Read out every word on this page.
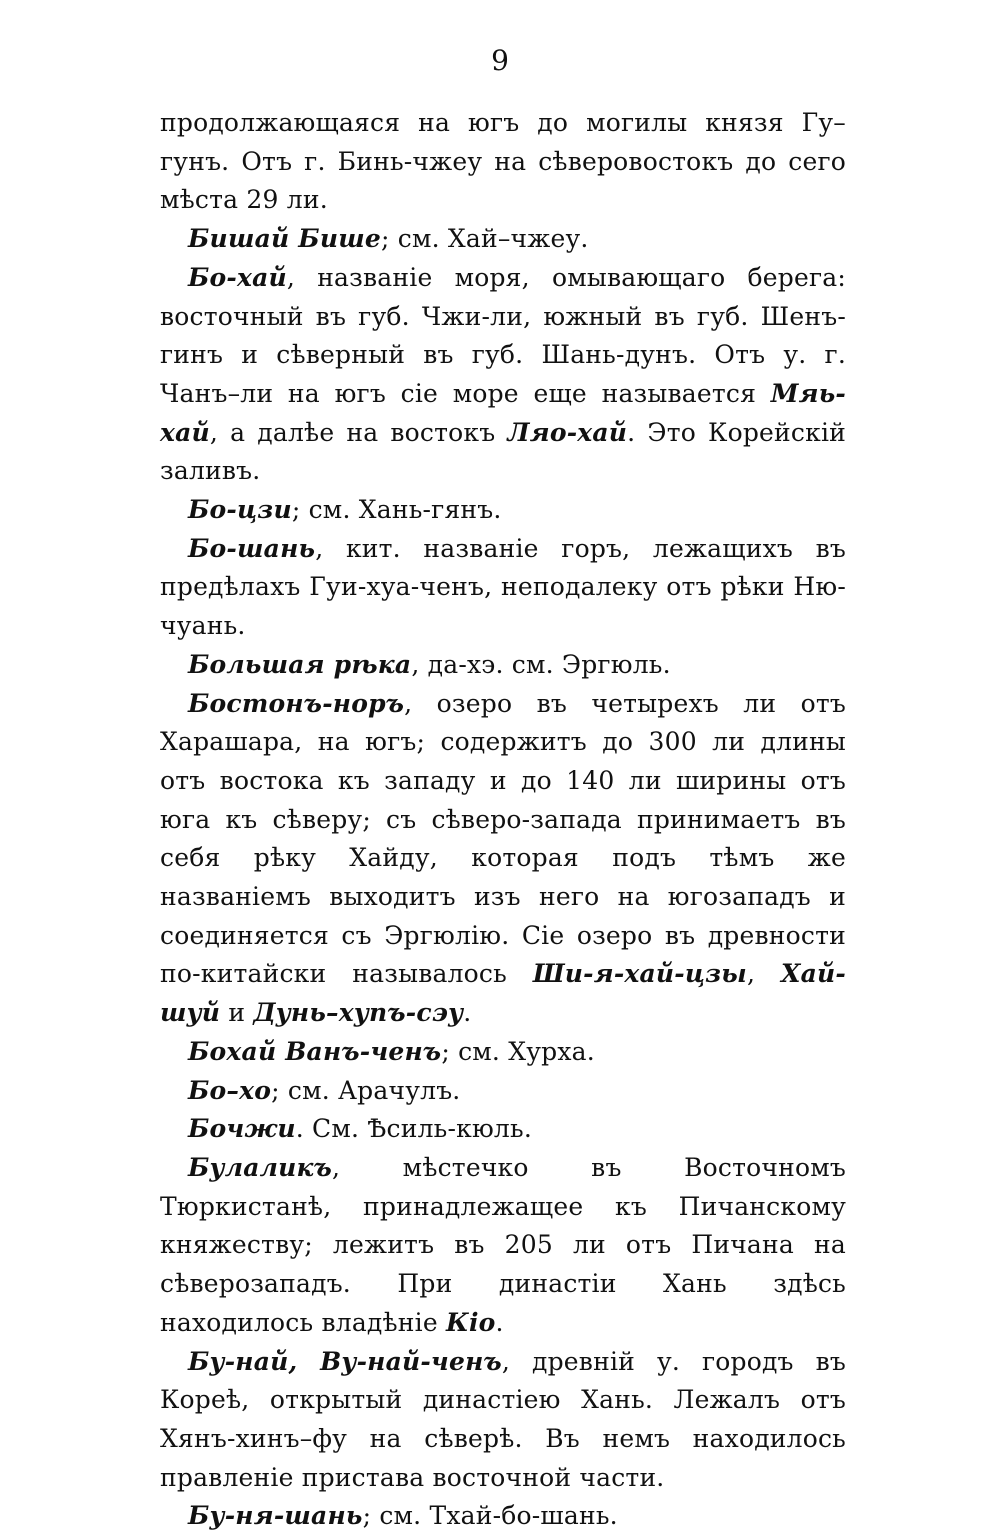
9

продолжающаяся на югъ до могилы князя Гу–гунъ. Отъ г. Бинь-чжеу на сѣверовостокъ до сего мѣста 29 ли.

Бишай Бише; см. Хай–чжеу.

Бо-хай, названіе моря, омывающаго берега: восточный въ губ. Чжи-ли, южный въ губ. Шенъ-гинъ и сѣверный въ губ. Шань-дунъ. Отъ у. г. Чанъ–ли на югъ сіе море еще называется Мяь- хай, а далѣе на востокъ Ляо-хай. Это Корейскій заливъ.

Бо-цзи; см. Хань-гянъ.

Бо-шань, кит. названіе горъ, лежащихъ въ предѣлахъ Гуи-хуа-ченъ, неподалеку отъ рѣки Ню-чуань.

Большая рѣка, да-хэ. см. Эргюль.

Бостонъ-норъ, озеро въ четырехъ ли отъ Харашара, на югъ; содержитъ до 300 ли длины отъ востока къ западу и до 140 ли ширины отъ юга къ сѣверу; съ сѣверо-запада принимаетъ въ себя рѣку Хайду, которая подъ тѣмъ же названіемъ выходитъ изъ него на югозападъ и соединяется съ Эргюлію. Сіе озеро въ древности по-китайски называлось Ши-я-хай-цзы, Хай-шуй и Дунь–хупъ-сэу.

Бохай Ванъ-ченъ; см. Хурха.

Бо–хо; см. Арачулъ.

Бочжи. См. Ѣсиль-кюль.

Булаликъ, мѣстечко въ Восточномъ Тюркистанѣ, принадлежащее къ Пичанскому княжеству; лежитъ въ 205 ли отъ Пичана на сѣверозападъ. При династіи Хань здѣсь находилось владѣніе Кіо.

Бу-най, Ву-най-ченъ, древній у. городъ въ Кореѣ, открытый династіею Хань. Лежалъ отъ Хянъ-хинъ–фу на сѣверѣ. Въ немъ находилось правленіе пристава восточной части.

Бу-ня-шань; см. Тхай-бо-шань.
